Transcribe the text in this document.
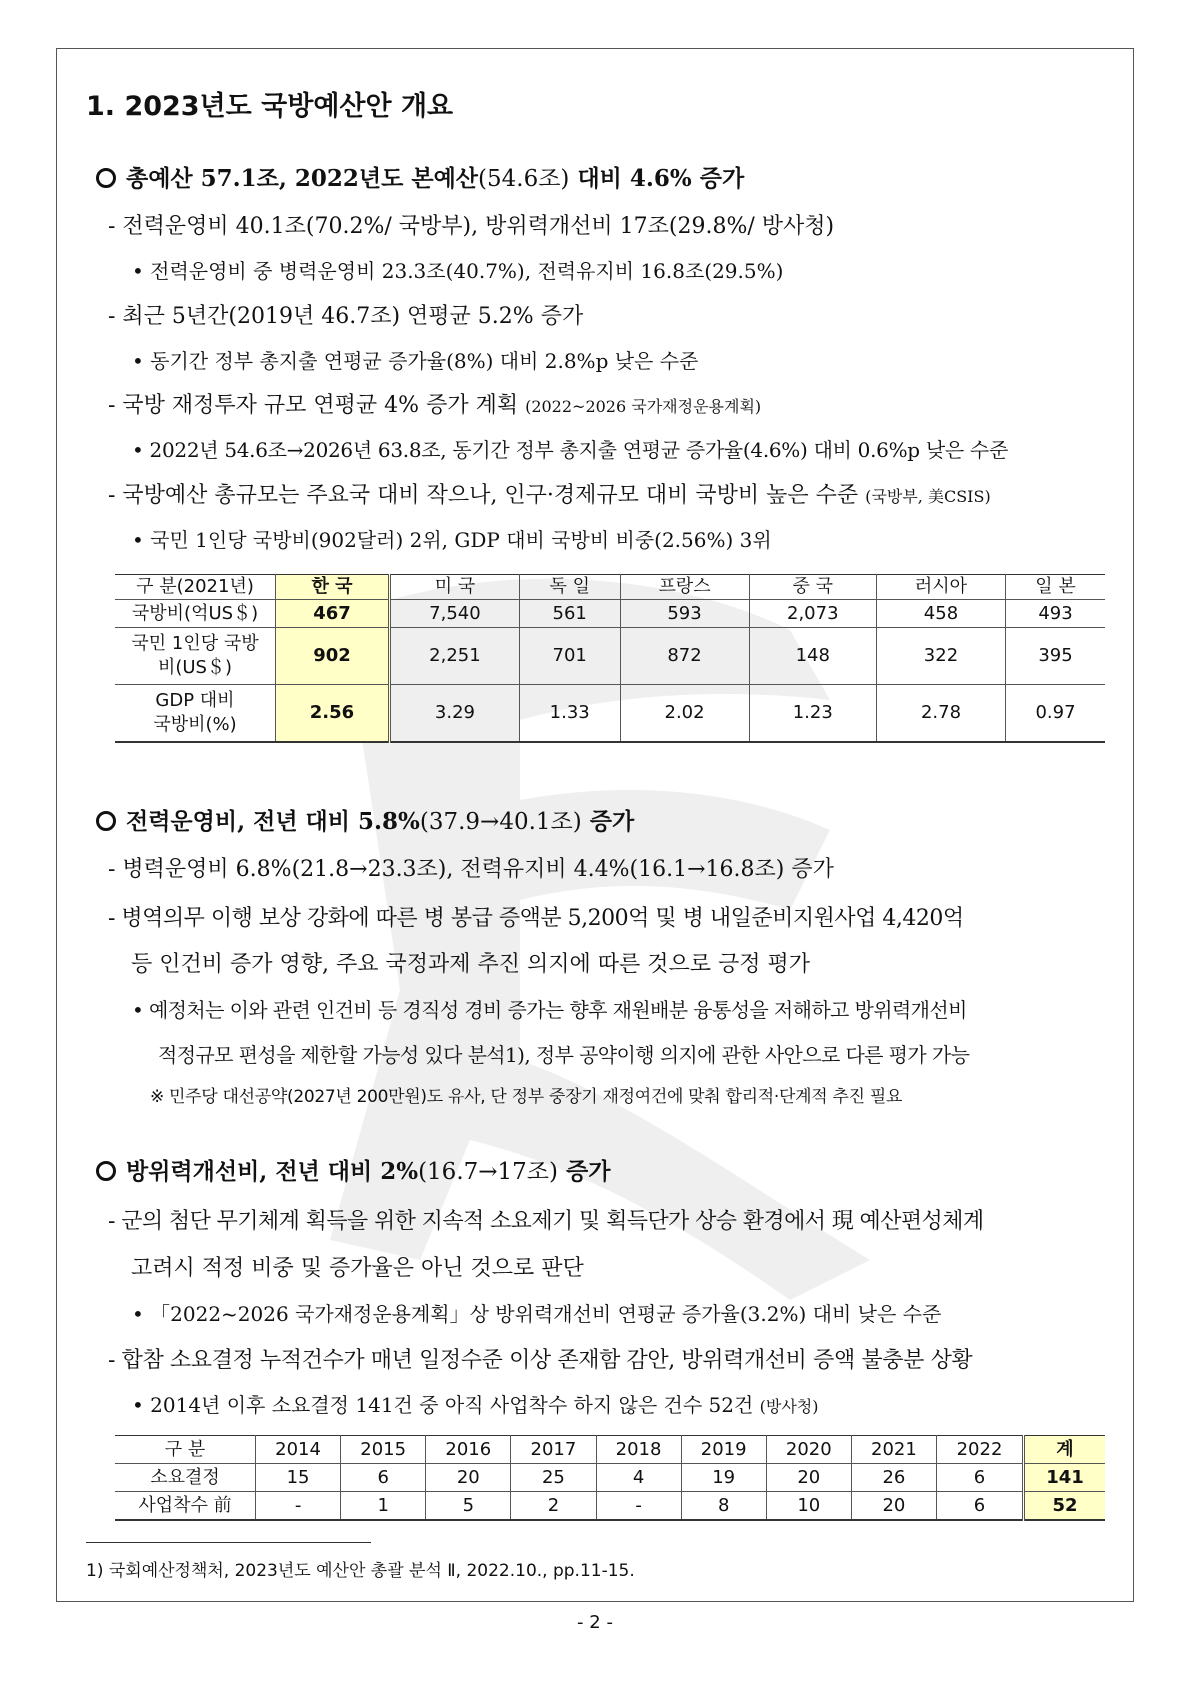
1. 2023년도 국방예산안 개요
총예산 57.1조, 2022년도 본예산(54.6조) 대비 4.6% 증가
- 전력운영비 40.1조(70.2%/ 국방부), 방위력개선비 17조(29.8%/ 방사청)
• 전력운영비 중 병력운영비 23.3조(40.7%), 전력유지비 16.8조(29.5%)
- 최근 5년간(2019년 46.7조) 연평균 5.2% 증가
• 동기간 정부 총지출 연평균 증가율(8%) 대비 2.8%p 낮은 수준
- 국방 재정투자 규모 연평균 4% 증가 계획 (2022~2026 국가재정운용계획)
• 2022년 54.6조→2026년 63.8조, 동기간 정부 총지출 연평균 증가율(4.6%) 대비 0.6%p 낮은 수준
- 국방예산 총규모는 주요국 대비 작으나, 인구·경제규모 대비 국방비 높은 수준 (국방부, 美CSIS)
• 국민 1인당 국방비(902달러) 2위, GDP 대비 국방비 비중(2.56%) 3위
구 분(2021년)	한 국	미 국	독 일	프랑스	중 국	러시아	일 본
국방비(억US＄)	467	7,540	561	593	2,073	458	493
국민 1인당 국방비(US＄)	902	2,251	701	872	148	322	395
GDP 대비 국방비(%)	2.56	3.29	1.33	2.02	1.23	2.78	0.97
전력운영비, 전년 대비 5.8%(37.9→40.1조) 증가
- 병력운영비 6.8%(21.8→23.3조), 전력유지비 4.4%(16.1→16.8조) 증가
- 병역의무 이행 보상 강화에 따른 병 봉급 증액분 5,200억 및 병 내일준비지원사업 4,420억
등 인건비 증가 영향, 주요 국정과제 추진 의지에 따른 것으로 긍정 평가
• 예정처는 이와 관련 인건비 등 경직성 경비 증가는 향후 재원배분 융통성을 저해하고 방위력개선비
적정규모 편성을 제한할 가능성 있다 분석1), 정부 공약이행 의지에 관한 사안으로 다른 평가 가능
※ 민주당 대선공약(2027년 200만원)도 유사, 단 정부 중장기 재정여건에 맞춰 합리적·단계적 추진 필요
방위력개선비, 전년 대비 2%(16.7→17조) 증가
- 군의 첨단 무기체계 획득을 위한 지속적 소요제기 및 획득단가 상승 환경에서 現 예산편성체계
고려시 적정 비중 및 증가율은 아닌 것으로 판단
• 「2022~2026 국가재정운용계획」상 방위력개선비 연평균 증가율(3.2%) 대비 낮은 수준
- 합참 소요결정 누적건수가 매년 일정수준 이상 존재함 감안, 방위력개선비 증액 불충분 상황
• 2014년 이후 소요결정 141건 중 아직 사업착수 하지 않은 건수 52건 (방사청)
구 분	2014	2015	2016	2017	2018	2019	2020	2021	2022	계
소요결정	15	6	20	25	4	19	20	26	6	141
사업착수 前	-	1	5	2	-	8	10	20	6	52
1) 국회예산정책처, 2023년도 예산안 총괄 분석 Ⅱ, 2022.10., pp.11-15.
- 2 -
